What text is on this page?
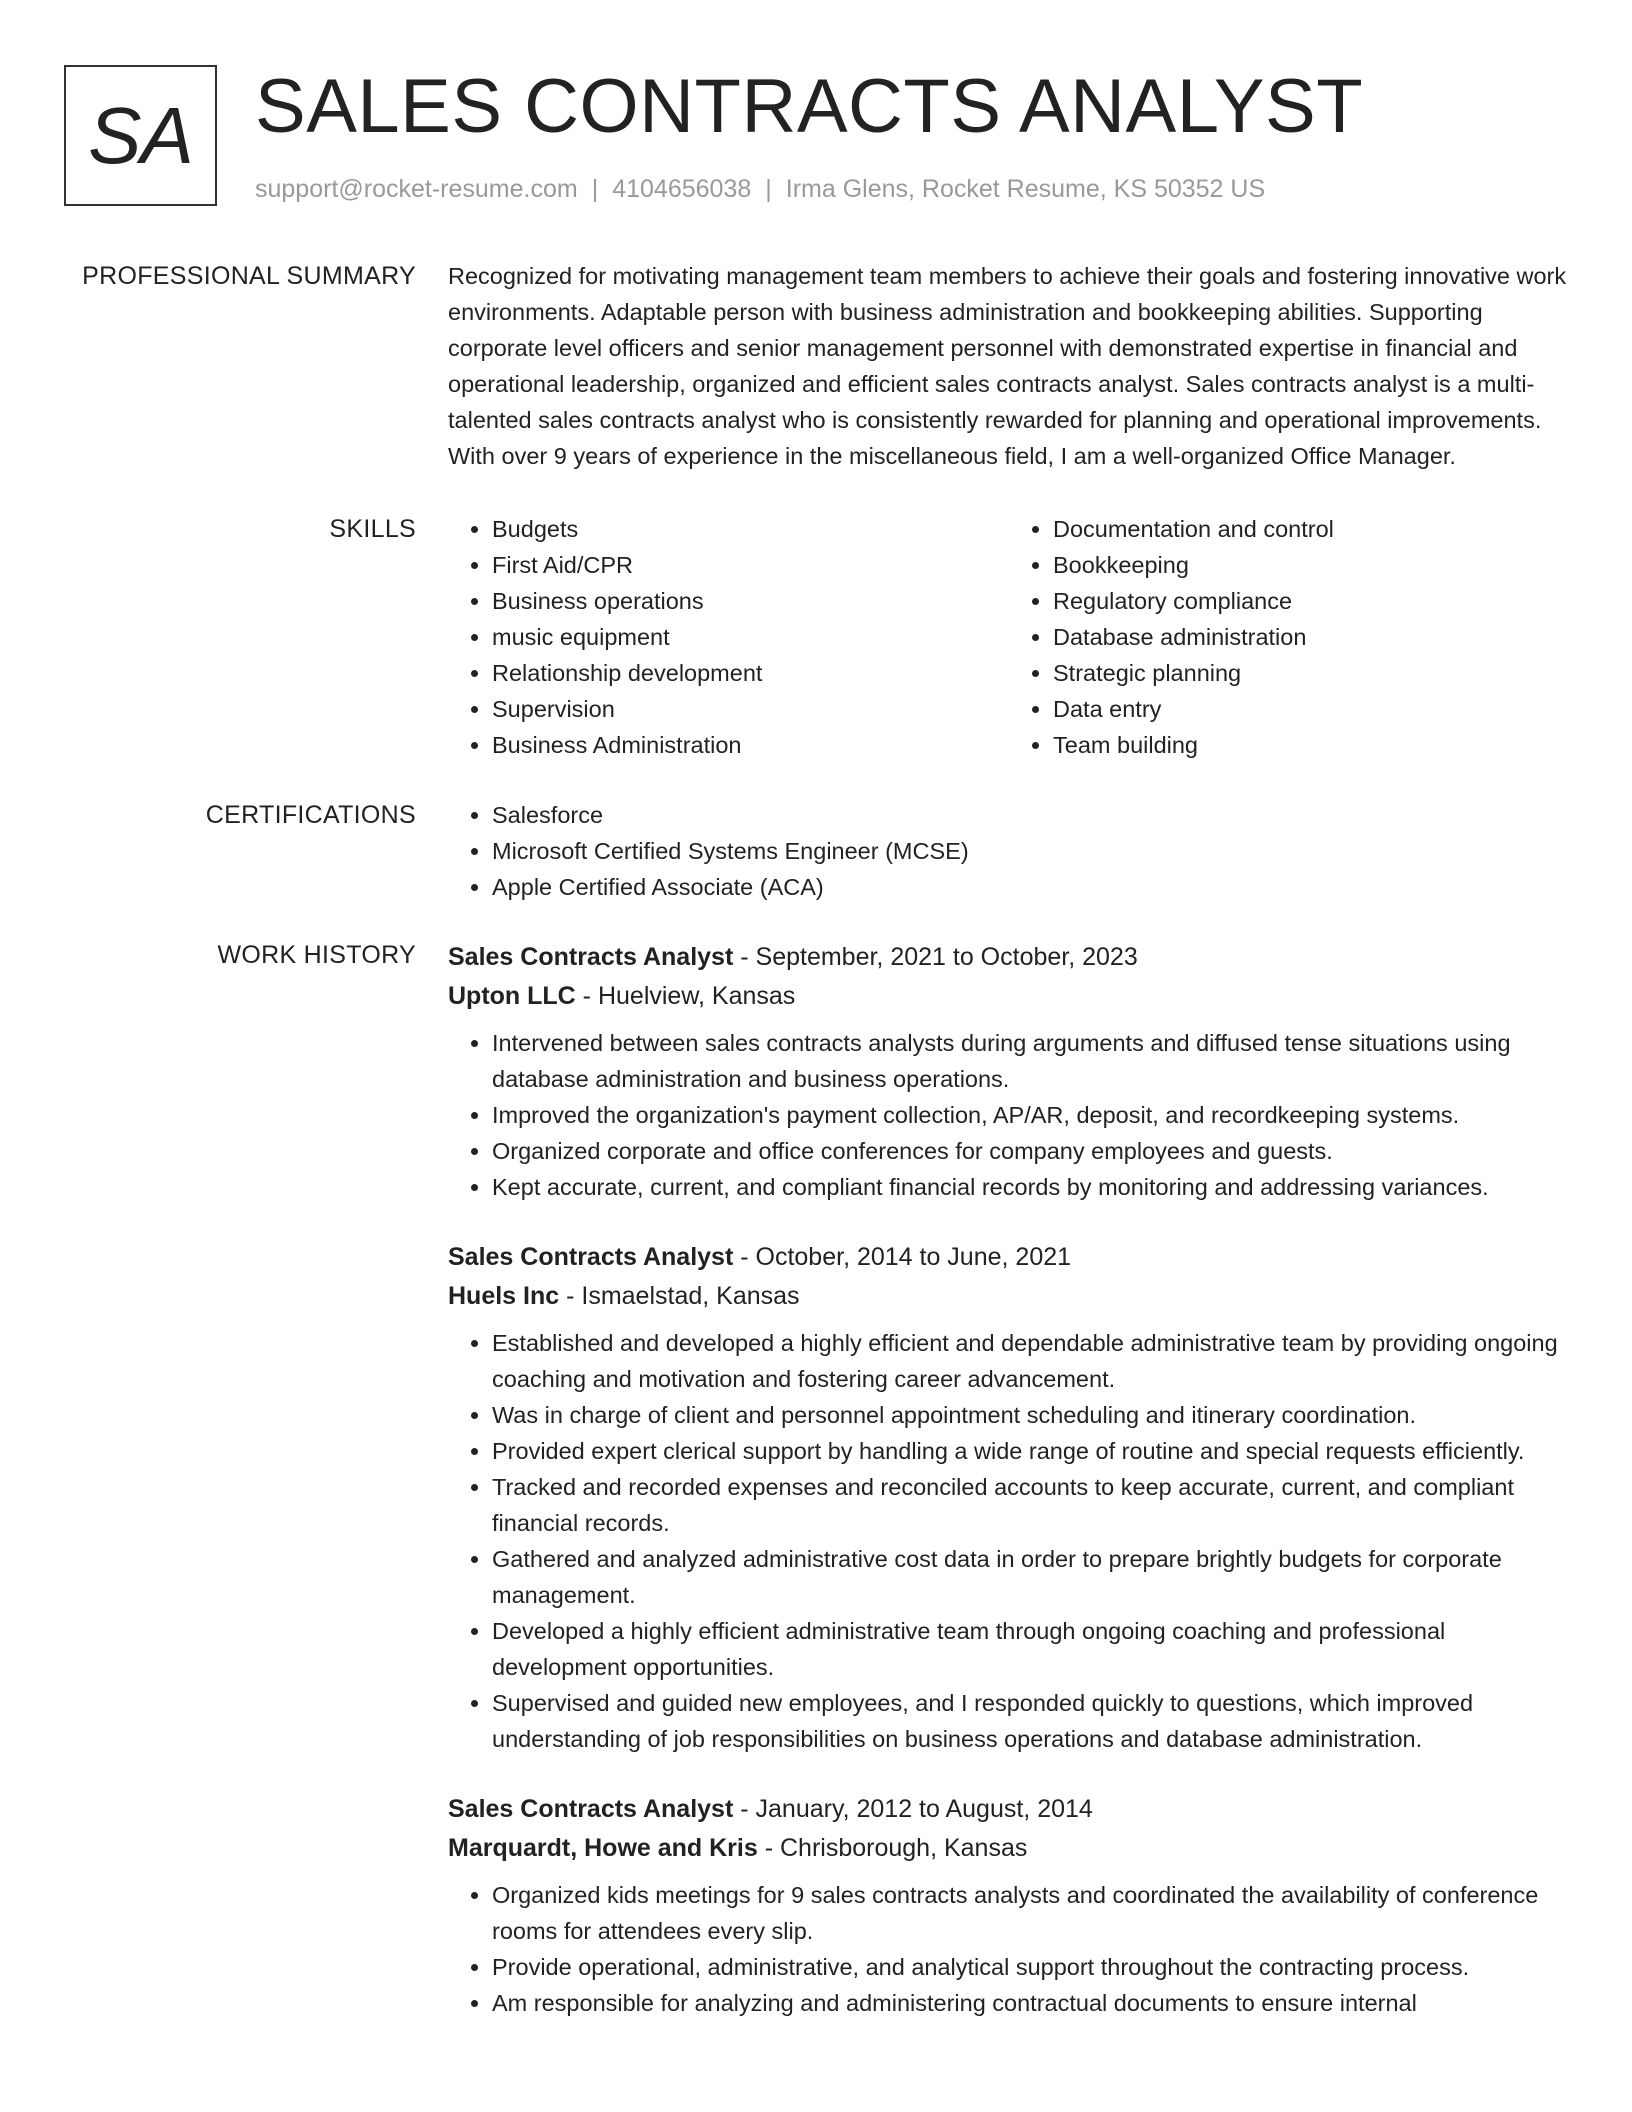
SA SALES CONTRACTS ANALYST
support@rocket-resume.com | 4104656038 | Irma Glens, Rocket Resume, KS 50352 US
PROFESSIONAL SUMMARY Recognized for motivating management team members to achieve their goals and fostering innovative work environments. Adaptable person with business administration and bookkeeping abilities. Supporting corporate level officers and senior management personnel with demonstrated expertise in financial and operational leadership, organized and efficient sales contracts analyst. Sales contracts analyst is a multi-talented sales contracts analyst who is consistently rewarded for planning and operational improvements. With over 9 years of experience in the miscellaneous field, I am a well-organized Office Manager.

SKILLS	• Budgets
• First Aid/CPR
• Business operations
• music equipment
• Relationship development
• Supervision
• Business Administration
• Documentation and control
• Bookkeeping
• Regulatory compliance
• Database administration
• Strategic planning
• Data entry
• Team building
CERTIFICATIONS	• Salesforce
• Microsoft Certified Systems Engineer (MCSE)
• Apple Certified Associate (ACA)
WORK HISTORY Sales Contracts Analyst - September, 2021 to October, 2023
Upton LLC - Huelview, Kansas
• Intervened between sales contracts analysts during arguments and diffused tense situations using database administration and business operations.
• Improved the organization's payment collection, AP/AR, deposit, and recordkeeping systems.
• Organized corporate and office conferences for company employees and guests.
• Kept accurate, current, and compliant financial records by monitoring and addressing variances.
Sales Contracts Analyst - October, 2014 to June, 2021
Huels Inc - Ismaelstad, Kansas
• Established and developed a highly efficient and dependable administrative team by providing ongoing coaching and motivation and fostering career advancement.
• Was in charge of client and personnel appointment scheduling and itinerary coordination.
• Provided expert clerical support by handling a wide range of routine and special requests efficiently.
• Tracked and recorded expenses and reconciled accounts to keep accurate, current, and compliant financial records.
• Gathered and analyzed administrative cost data in order to prepare brightly budgets for corporate management.
• Developed a highly efficient administrative team through ongoing coaching and professional development opportunities.
• Supervised and guided new employees, and I responded quickly to questions, which improved understanding of job responsibilities on business operations and database administration.
Sales Contracts Analyst - January, 2012 to August, 2014
Marquardt, Howe and Kris - Chrisborough, Kansas
• Organized kids meetings for 9 sales contracts analysts and coordinated the availability of conference rooms for attendees every slip.
• Provide operational, administrative, and analytical support throughout the contracting process.
• Am responsible for analyzing and administering contractual documents to ensure internal
